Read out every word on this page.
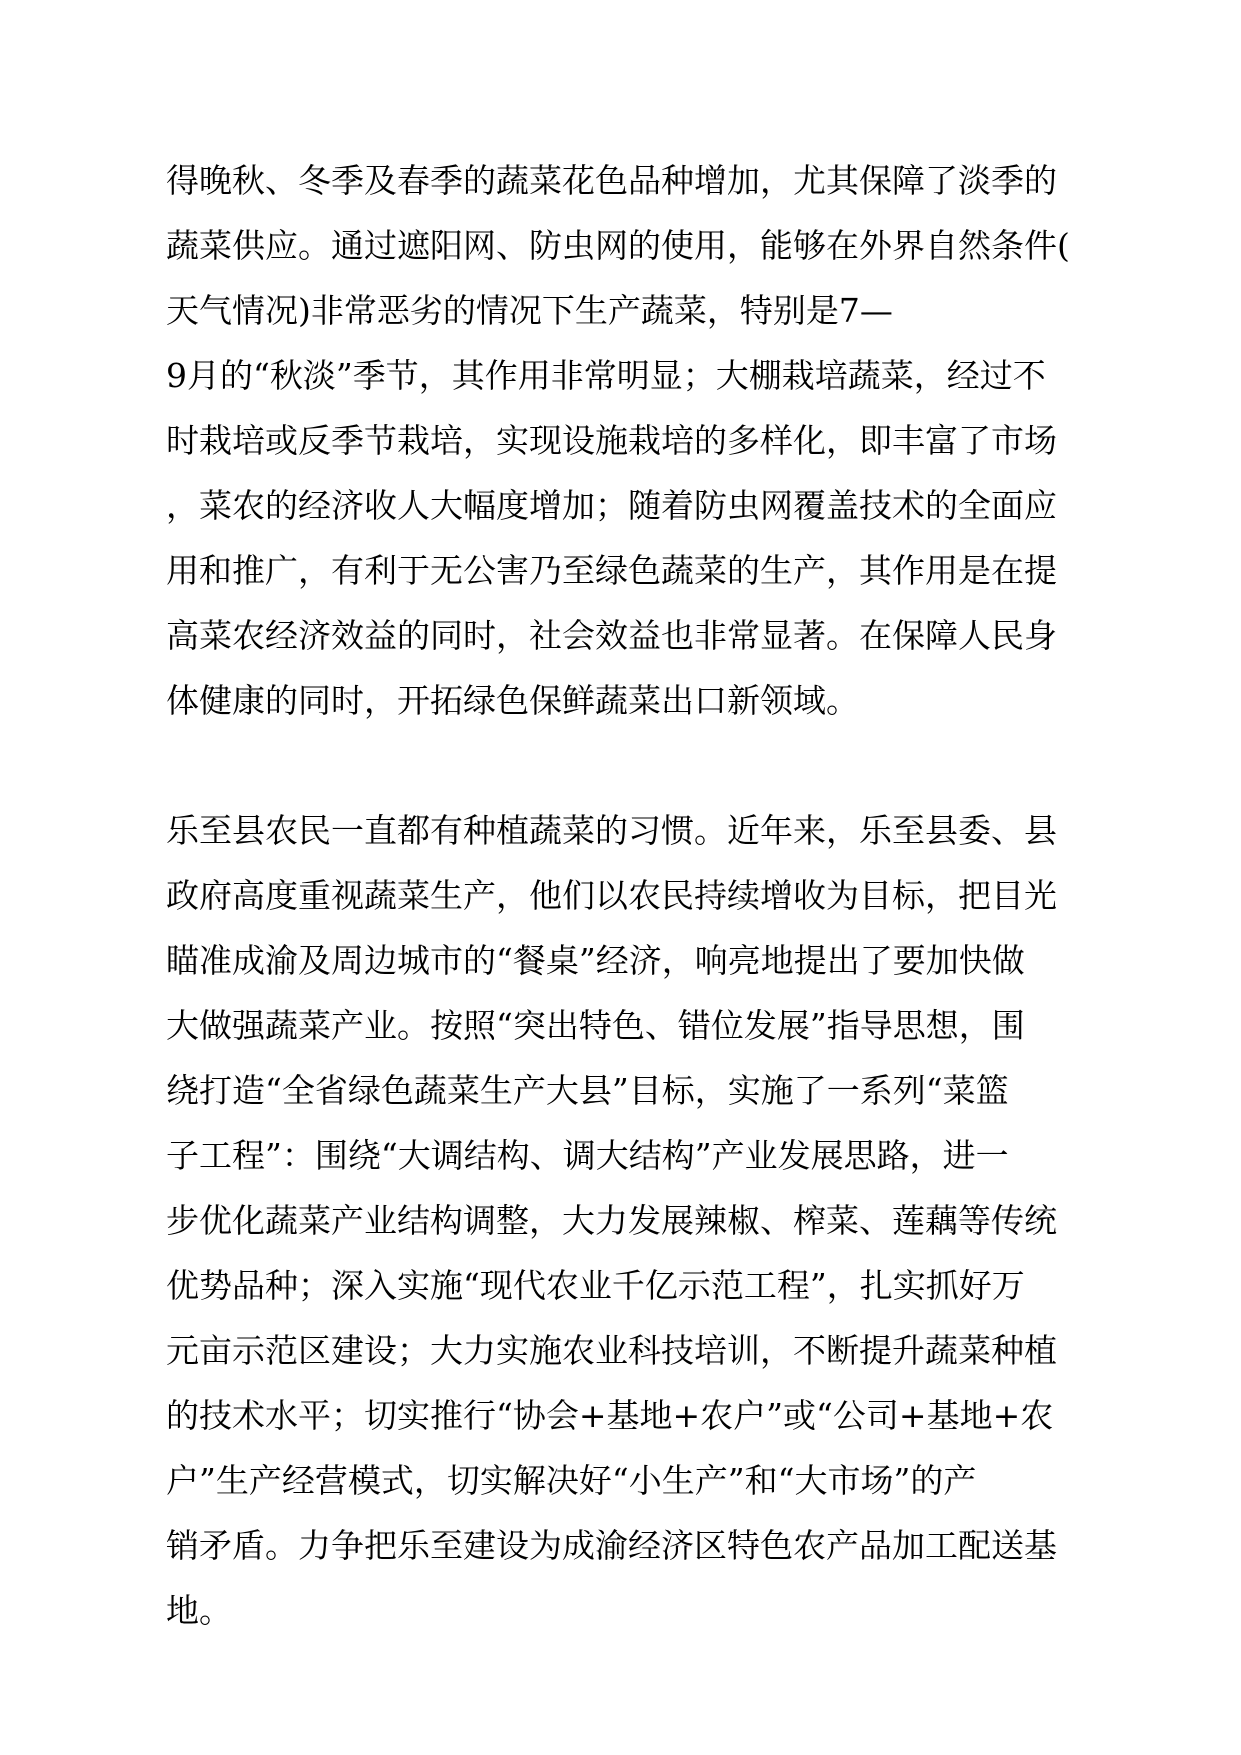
得晚秋、冬季及春季的蔬菜花色品种增加，尤其保障了淡季的
蔬菜供应。通过遮阳网、防虫网的使用，能够在外界自然条件(
天气情况)非常恶劣的情况下生产蔬菜，特别是7—
9月的“秋淡”季节，其作用非常明显；大棚栽培蔬菜，经过不
时栽培或反季节栽培，实现设施栽培的多样化，即丰富了市场
，菜农的经济收人大幅度增加；随着防虫网覆盖技术的全面应
用和推广，有利于无公害乃至绿色蔬菜的生产，其作用是在提
高菜农经济效益的同时，社会效益也非常显著。在保障人民身
体健康的同时，开拓绿色保鲜蔬菜出口新领域。
乐至县农民一直都有种植蔬菜的习惯。近年来，乐至县委、县
政府高度重视蔬菜生产，他们以农民持续增收为目标，把目光
瞄准成渝及周边城市的“餐桌”经济，响亮地提出了要加快做
大做强蔬菜产业。按照“突出特色、错位发展”指导思想，围
绕打造“全省绿色蔬菜生产大县”目标，实施了一系列“菜篮
子工程”：围绕“大调结构、调大结构”产业发展思路，进一
步优化蔬菜产业结构调整，大力发展辣椒、榨菜、莲藕等传统
优势品种；深入实施“现代农业千亿示范工程”，扎实抓好万
元亩示范区建设；大力实施农业科技培训，不断提升蔬菜种植
的技术水平；切实推行“协会+基地+农户”或“公司+基地+农
户”生产经营模式，切实解决好“小生产”和“大市场”的产
销矛盾。力争把乐至建设为成渝经济区特色农产品加工配送基
地。
